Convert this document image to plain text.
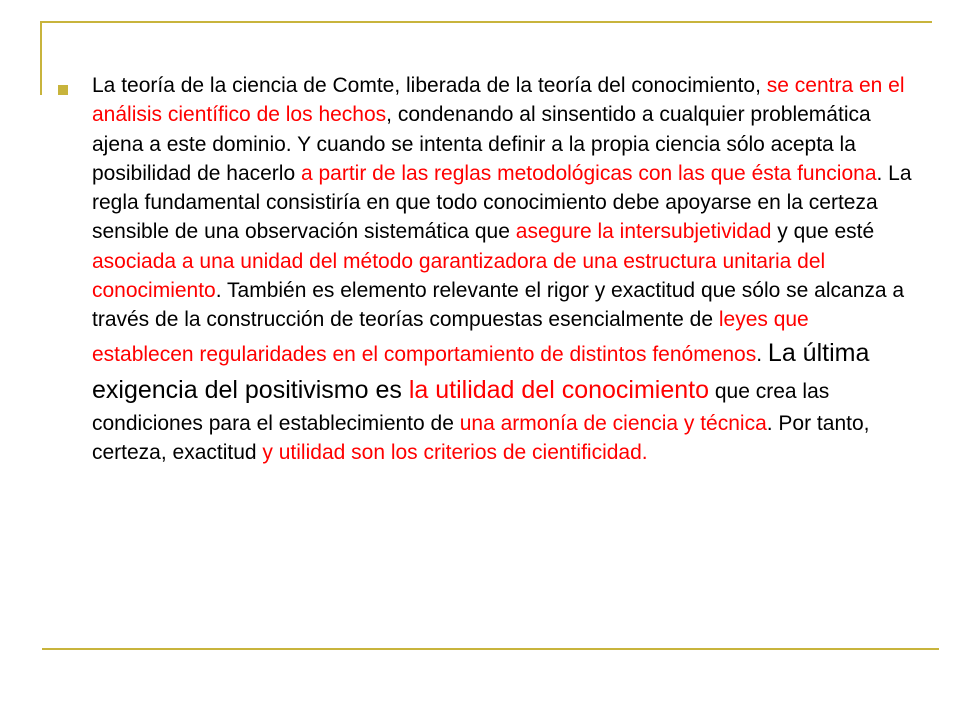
La teoría de la ciencia de Comte, liberada de la teoría del conocimiento, se centra en el análisis científico de los hechos, condenando al sinsentido a cualquier problemática ajena a este dominio. Y cuando se intenta definir a la propia ciencia sólo acepta la posibilidad de hacerlo a partir de las reglas metodológicas con las que ésta funciona. La regla fundamental consistiría en que todo conocimiento debe apoyarse en la certeza sensible de una observación sistemática que asegure la intersubjetividad y que esté asociada a una unidad del método garantizadora de una estructura unitaria del conocimiento. También es elemento relevante el rigor y exactitud que sólo se alcanza a través de la construcción de teorías compuestas esencialmente de leyes que establecen regularidades en el comportamiento de distintos fenómenos. La última exigencia del positivismo es la utilidad del conocimiento que crea las condiciones para el establecimiento de una armonía de ciencia y técnica. Por tanto, certeza, exactitud y utilidad son los criterios de cientificidad.
